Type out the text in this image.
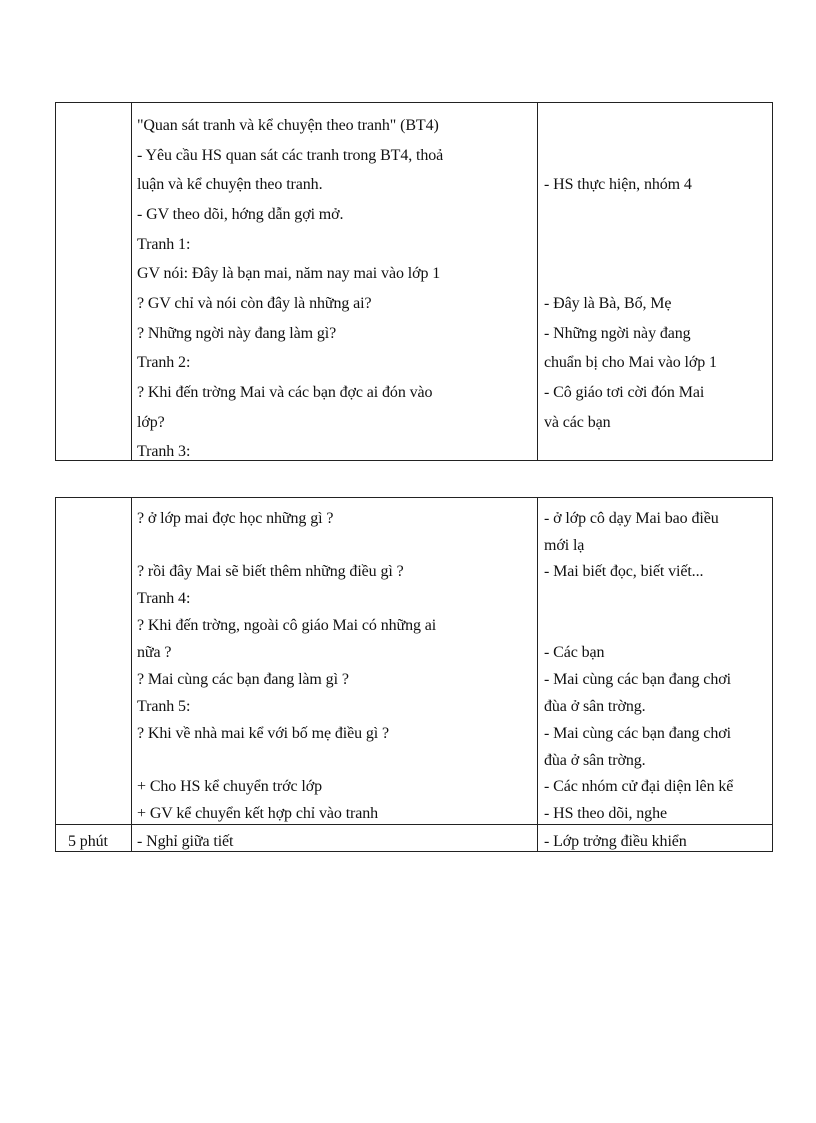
"Quan sát tranh và kể chuyện theo tranh" (BT4)
- Yêu cầu HS quan sát các tranh trong BT4, thoả
luận và kể chuyện theo tranh.
- GV theo dõi, hớng dẫn gợi mở.
Tranh 1:
GV nói: Đây là bạn mai, năm nay mai vào lớp 1
? GV chỉ và nói còn đây là những ai?
? Những ngời này đang làm gì?
Tranh 2:
? Khi đến trờng Mai và các bạn đợc ai đón vào
lớp?
Tranh 3:
- HS thực hiện, nhóm 4
- Đây là Bà, Bố, Mẹ
- Những ngời này đang
chuẩn bị cho Mai vào lớp 1
- Cô giáo tơi cời đón Mai
và các bạn
? ở lớp mai đợc học những gì ?
? rồi đây Mai sẽ biết thêm những điều gì ?
Tranh 4:
? Khi đến trờng, ngoài cô giáo Mai có những ai
nữa ?
? Mai cùng các bạn đang làm gì ?
Tranh 5:
? Khi về nhà mai kể với bố mẹ điều gì ?
+ Cho HS kể chuyển trớc lớp
+ GV kể chuyển kết hợp chỉ vào tranh
- ở lớp cô dạy Mai bao điều
mới lạ
- Mai biết đọc, biết viết...
- Các bạn
- Mai cùng các bạn đang chơi
đùa ở sân trờng.
- Mai cùng các bạn đang chơi
đùa ở sân trờng.
- Các nhóm cử đại diện lên kể
- HS theo dõi, nghe
5 phút - Nghỉ giữa tiết	- Lớp trởng điều khiển
